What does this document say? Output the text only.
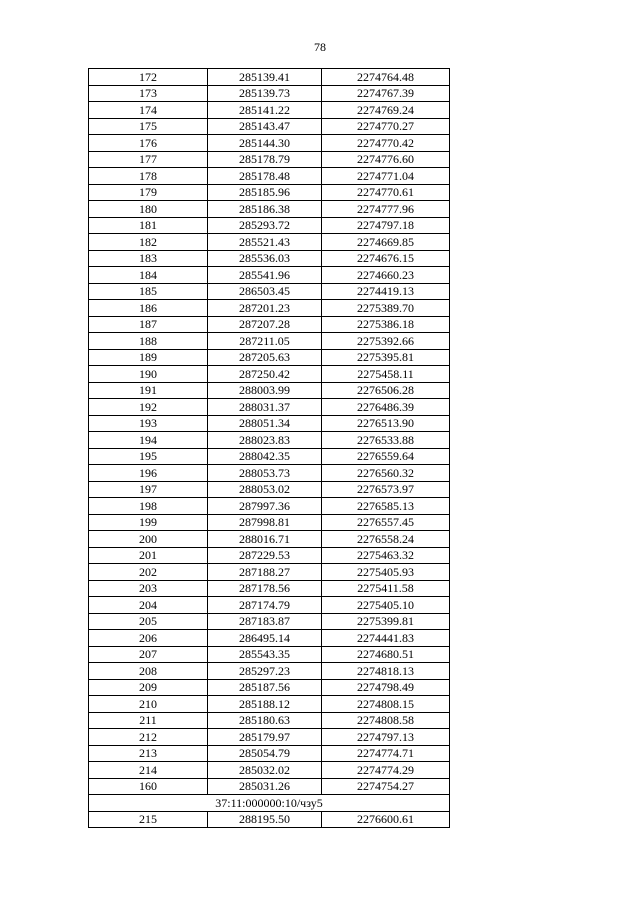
78
172	285139.41	2274764.48
173	285139.73	2274767.39
174	285141.22	2274769.24
175	285143.47	2274770.27
176	285144.30	2274770.42
177	285178.79	2274776.60
178	285178.48	2274771.04
179	285185.96	2274770.61
180	285186.38	2274777.96
181	285293.72	2274797.18
182	285521.43	2274669.85
183	285536.03	2274676.15
184	285541.96	2274660.23
185	286503.45	2274419.13
186	287201.23	2275389.70
187	287207.28	2275386.18
188	287211.05	2275392.66
189	287205.63	2275395.81
190	287250.42	2275458.11
191	288003.99	2276506.28
192	288031.37	2276486.39
193	288051.34	2276513.90
194	288023.83	2276533.88
195	288042.35	2276559.64
196	288053.73	2276560.32
197	288053.02	2276573.97
198	287997.36	2276585.13
199	287998.81	2276557.45
200	288016.71	2276558.24
201	287229.53	2275463.32
202	287188.27	2275405.93
203	287178.56	2275411.58
204	287174.79	2275405.10
205	287183.87	2275399.81
206	286495.14	2274441.83
207	285543.35	2274680.51
208	285297.23	2274818.13
209	285187.56	2274798.49
210	285188.12	2274808.15
211	285180.63	2274808.58
212	285179.97	2274797.13
213	285054.79	2274774.71
214	285032.02	2274774.29
160	285031.26	2274754.27
37:11:000000:10/чзу5		
215	288195.50	2276600.61
